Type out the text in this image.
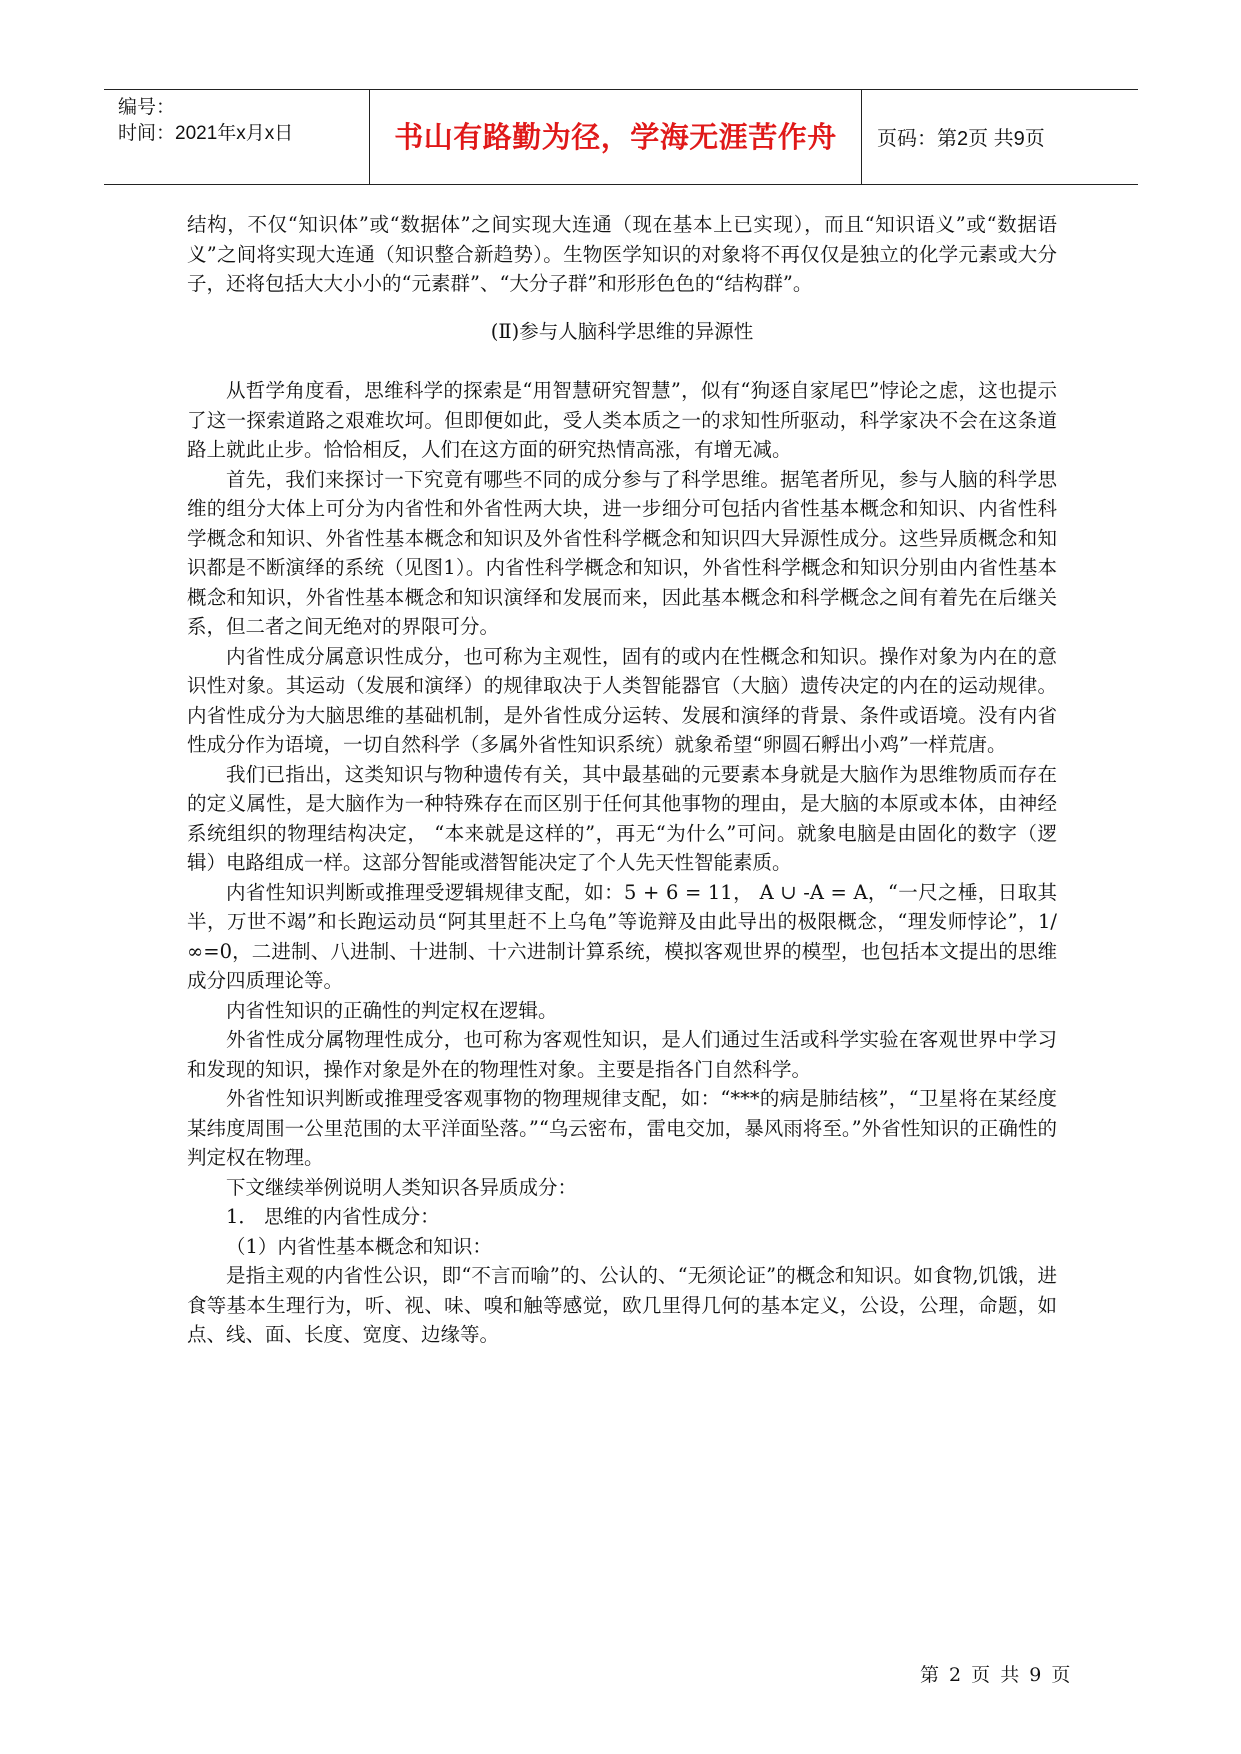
编号：
时间：2021年x月x日	书山有路勤为径，学海无涯苦作舟	页码：第2页 共9页

结构，不仅“知识体”或“数据体”之间实现大连通（现在基本上已实现），而且“知识语义”或“数据语义”之间将实现大连通（知识整合新趋势）。生物医学知识的对象将不再仅仅是独立的化学元素或大分子，还将包括大大小小的“元素群”、“大分子群”和形形色色的“结构群”。

(Ⅱ)参与人脑科学思维的异源性

从哲学角度看，思维科学的探索是“用智慧研究智慧”，似有“狗逐自家尾巴”悖论之虑，这也提示了这一探索道路之艰难坎坷。但即便如此，受人类本质之一的求知性所驱动，科学家决不会在这条道路上就此止步。恰恰相反，人们在这方面的研究热情高涨，有增无减。

首先，我们来探讨一下究竟有哪些不同的成分参与了科学思维。据笔者所见，参与人脑的科学思维的组分大体上可分为内省性和外省性两大块，进一步细分可包括内省性基本概念和知识、内省性科学概念和知识、外省性基本概念和知识及外省性科学概念和知识四大异源性成分。这些异质概念和知识都是不断演绎的系统（见图1）。内省性科学概念和知识，外省性科学概念和知识分别由内省性基本概念和知识，外省性基本概念和知识演绎和发展而来，因此基本概念和科学概念之间有着先在后继关系，但二者之间无绝对的界限可分。

内省性成分属意识性成分，也可称为主观性，固有的或内在性概念和知识。操作对象为内在的意识性对象。其运动（发展和演绎）的规律取决于人类智能器官（大脑）遗传决定的内在的运动规律。内省性成分为大脑思维的基础机制，是外省性成分运转、发展和演绎的背景、条件或语境。没有内省性成分作为语境，一切自然科学（多属外省性知识系统）就象希望“卵圆石孵出小鸡”一样荒唐。

我们已指出，这类知识与物种遗传有关，其中最基础的元要素本身就是大脑作为思维物质而存在的定义属性，是大脑作为一种特殊存在而区别于任何其他事物的理由，是大脑的本原或本体，由神经系统组织的物理结构决定， “本来就是这样的”，再无“为什么”可问。就象电脑是由固化的数字（逻辑）电路组成一样。这部分智能或潜智能决定了个人先天性智能素质。

内省性知识判断或推理受逻辑规律支配，如：5 + 6 = 11， A ∪ -A = A，“一尺之棰，日取其半，万世不竭”和长跑运动员“阿其里赶不上乌龟”等诡辩及由此导出的极限概念，“理发师悖论”，1/∞=0，二进制、八进制、十进制、十六进制计算系统，模拟客观世界的模型，也包括本文提出的思维成分四质理论等。

内省性知识的正确性的判定权在逻辑。

外省性成分属物理性成分，也可称为客观性知识，是人们通过生活或科学实验在客观世界中学习和发现的知识，操作对象是外在的物理性对象。主要是指各门自然科学。

外省性知识判断或推理受客观事物的物理规律支配，如：“***的病是肺结核”，“卫星将在某经度某纬度周围一公里范围的太平洋面坠落。”“乌云密布，雷电交加，暴风雨将至。”外省性知识的正确性的判定权在物理。

下文继续举例说明人类知识各异质成分：

1． 思维的内省性成分：

（1）内省性基本概念和知识：

是指主观的内省性公识，即“不言而喻”的、公认的、“无须论证”的概念和知识。如食物,饥饿，进食等基本生理行为，听、视、味、嗅和触等感觉，欧几里得几何的基本定义，公设，公理，命题，如点、线、面、长度、宽度、边缘等。

第 2 页 共 9 页
